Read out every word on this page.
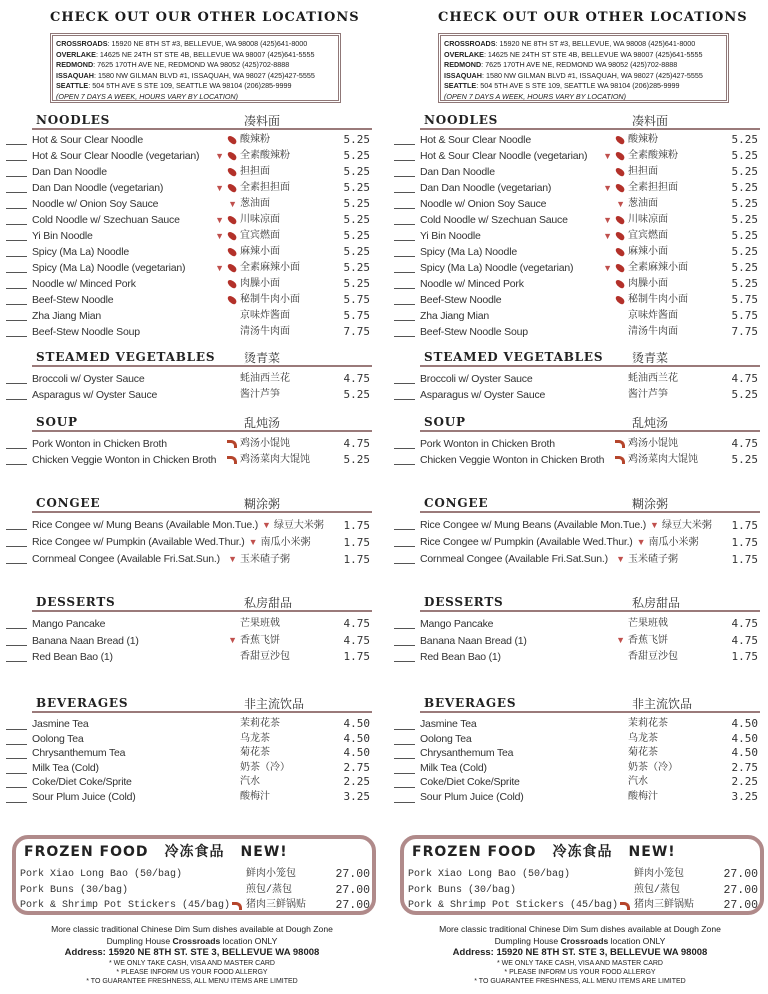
CHECK OUT OUR OTHER LOCATIONS
CROSSROADS: 15920 NE 8TH ST #3, BELLEVUE, WA 98008 (425)641-8000
OVERLAKE: 14625 NE 24TH ST STE 4B, BELLEVUE WA 98007 (425)641-5555
REDMOND: 7625 170TH AVE NE, REDMOND WA 98052 (425)702-8888
ISSAQUAH: 1580 NW GILMAN BLVD #1, ISSAQUAH, WA 98027 (425)427-5555
SEATTLE: 504 5TH AVE S STE 109, SEATTLE WA 98104 (206)285-9999
(OPEN 7 DAYS A WEEK, HOURS VARY BY LOCATION)
NOODLES	凑料面
Hot & Sour Clear Noodle	酸辣粉	5.25
Hot & Sour Clear Noodle (vegetarian) ▼ 全素酸辣粉	5.25
Dan Dan Noodle	担担面	5.25
Dan Dan Noodle (vegetarian)	▼ 全素担担面	5.25
Noodle w/ Onion Soy Sauce	▼ 葱油面	5.25
Cold Noodle w/ Szechuan Sauce	▼ 川味凉面	5.25
Yi Bin Noodle	▼ 宜宾燃面	5.25
Spicy (Ma La) Noodle	麻辣小面	5.25
Spicy (Ma La) Noodle (vegetarian)	▼ 全素麻辣小面	5.25
Noodle w/ Minced Pork	肉臊小面	5.25
Beef-Stew Noodle	秘制牛肉小面	5.75
Zha Jiang Mian	京味炸酱面	5.75
Beef-Stew Noodle Soup	清汤牛肉面	7.75
STEAMED VEGETABLES 烫青菜
Broccoli w/ Oyster Sauce	蚝油西兰花	4.75
Asparagus w/ Oyster Sauce	酱汁芦笋	5.25
SOUP	乱炖汤
Pork Wonton in Chicken Broth	鸡汤小馄饨	4.75
Chicken Veggie Wonton in Chicken Broth 鸡汤菜肉大馄饨	5.25
CONGEE	糊涂粥
Rice Congee w/ Mung Beans (Available Mon.Tue.) ▼ 绿豆大米粥	1.75
Rice Congee w/ Pumpkin (Available Wed.Thur.) ▼ 南瓜小米粥	1.75
Cornmeal Congee (Available Fri.Sat.Sun.) ▼ 玉米碴子粥	1.75
DESSERTS	私房甜品
Mango Pancake	芒果班戟	4.75
Banana Naan Bread (1)	▼ 香蕉飞饼	4.75
Red Bean Bao (1)	香甜豆沙包	1.75
BEVERAGES	非主流饮品
Jasmine Tea	茉莉花茶	4.50
Oolong Tea	乌龙茶	4.50
Chrysanthemum Tea	菊花茶	4.50
Milk Tea (Cold)	奶茶（冷）	2.75
Coke/Diet Coke/Sprite	汽水	2.25
Sour Plum Juice (Cold)	酸梅汁	3.25
FROZEN FOOD 冷冻食品 NEW!
Pork Xiao Long Bao (50/bag)	鲜肉小笼包	27.00
Pork Buns (30/bag)	煎包/蒸包	27.00
Pork & Shrimp Pot Stickers (45/bag) 猪肉三鲜锅贴	27.00
More classic traditional Chinese Dim Sum dishes available at Dough Zone
Dumpling House Crossroads location ONLY
Address: 15920 NE 8TH ST. STE 3, BELLEVUE WA 98008
* WE ONLY TAKE CASH, VISA AND MASTER CARD
* PLEASE INFORM US YOUR FOOD ALLERGY
* TO GUARANTEE FRESHNESS, ALL MENU ITEMS ARE LIMITED
CHECK OUT OUR OTHER LOCATIONS
CROSSROADS: 15920 NE 8TH ST #3, BELLEVUE, WA 98008 (425)641-8000
OVERLAKE: 14625 NE 24TH ST STE 4B, BELLEVUE WA 98007 (425)641-5555
REDMOND: 7625 170TH AVE NE, REDMOND WA 98052 (425)702-8888
ISSAQUAH: 1580 NW GILMAN BLVD #1, ISSAQUAH, WA 98027 (425)427-5555
SEATTLE: 504 5TH AVE S STE 109, SEATTLE WA 98104 (206)285-9999
(OPEN 7 DAYS A WEEK, HOURS VARY BY LOCATION)
NOODLES	凑料面
Hot & Sour Clear Noodle	酸辣粉	5.25
Hot & Sour Clear Noodle (vegetarian) ▼ 全素酸辣粉	5.25
Dan Dan Noodle	担担面	5.25
Dan Dan Noodle (vegetarian)	▼ 全素担担面	5.25
Noodle w/ Onion Soy Sauce	▼ 葱油面	5.25
Cold Noodle w/ Szechuan Sauce	▼ 川味凉面	5.25
Yi Bin Noodle	▼ 宜宾燃面	5.25
Spicy (Ma La) Noodle	麻辣小面	5.25
Spicy (Ma La) Noodle (vegetarian)	▼ 全素麻辣小面	5.25
Noodle w/ Minced Pork	肉臊小面	5.25
Beef-Stew Noodle	秘制牛肉小面	5.75
Zha Jiang Mian	京味炸酱面	5.75
Beef-Stew Noodle Soup	清汤牛肉面	7.75
STEAMED VEGETABLES 烫青菜
Broccoli w/ Oyster Sauce	蚝油西兰花	4.75
Asparagus w/ Oyster Sauce	酱汁芦笋	5.25
SOUP	乱炖汤
Pork Wonton in Chicken Broth	鸡汤小馄饨	4.75
Chicken Veggie Wonton in Chicken Broth 鸡汤菜肉大馄饨	5.25
CONGEE	糊涂粥
Rice Congee w/ Mung Beans (Available Mon.Tue.) ▼ 绿豆大米粥	1.75
Rice Congee w/ Pumpkin (Available Wed.Thur.) ▼ 南瓜小米粥	1.75
Cornmeal Congee (Available Fri.Sat.Sun.) ▼ 玉米碴子粥	1.75
DESSERTS	私房甜品
Mango Pancake	芒果班戟	4.75
Banana Naan Bread (1)	▼ 香蕉飞饼	4.75
Red Bean Bao (1)	香甜豆沙包	1.75
BEVERAGES	非主流饮品
Jasmine Tea	茉莉花茶	4.50
Oolong Tea	乌龙茶	4.50
Chrysanthemum Tea	菊花茶	4.50
Milk Tea (Cold)	奶茶（冷）	2.75
Coke/Diet Coke/Sprite	汽水	2.25
Sour Plum Juice (Cold)	酸梅汁	3.25
FROZEN FOOD 冷冻食品 NEW!
Pork Xiao Long Bao (50/bag)	鲜肉小笼包	27.00
Pork Buns (30/bag)	煎包/蒸包	27.00
Pork & Shrimp Pot Stickers (45/bag) 猪肉三鲜锅贴	27.00
More classic traditional Chinese Dim Sum dishes available at Dough Zone
Dumpling House Crossroads location ONLY
Address: 15920 NE 8TH ST. STE 3, BELLEVUE WA 98008
* WE ONLY TAKE CASH, VISA AND MASTER CARD
* PLEASE INFORM US YOUR FOOD ALLERGY
* TO GUARANTEE FRESHNESS, ALL MENU ITEMS ARE LIMITED
